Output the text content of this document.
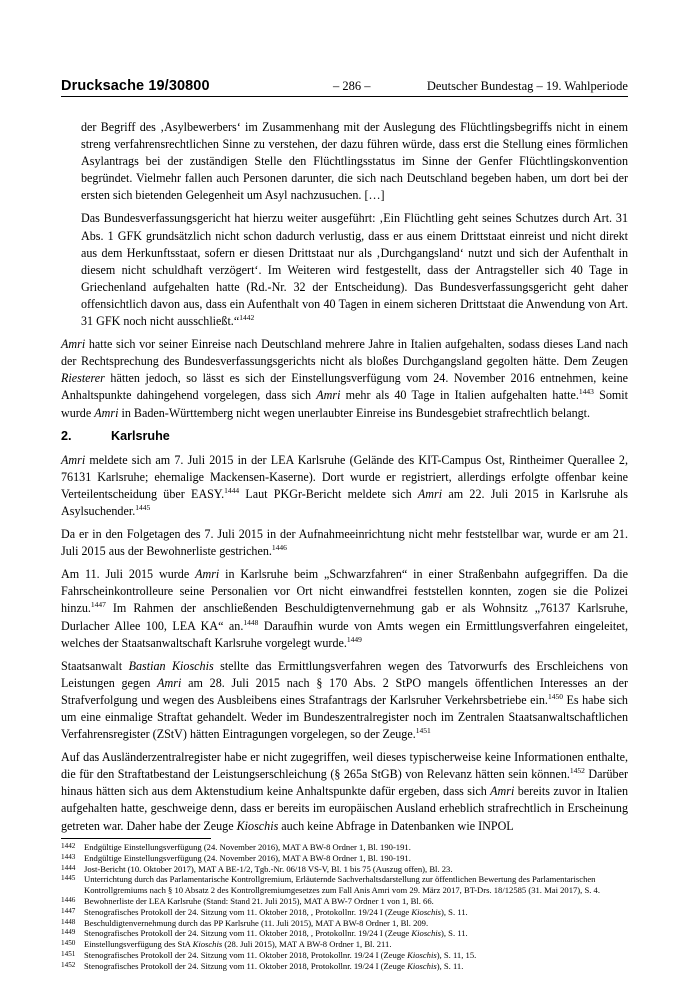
Drucksache 19/30800	– 286 –	Deutscher Bundestag – 19. Wahlperiode

der Begriff des ‚Asylbewerbers‘ im Zusammenhang mit der Auslegung des Flüchtlingsbegriffs nicht in einem streng verfahrensrechtlichen Sinne zu verstehen, der dazu führen würde, dass erst die Stellung eines förmlichen Asylantrags bei der zuständigen Stelle den Flüchtlingsstatus im Sinne der Genfer Flüchtlingskonvention begründet. Vielmehr fallen auch Personen darunter, die sich nach Deutschland begeben haben, um dort bei der ersten sich bietenden Gelegenheit um Asyl nachzusuchen. […]

Das Bundesverfassungsgericht hat hierzu weiter ausgeführt: ‚Ein Flüchtling geht seines Schutzes durch Art. 31 Abs. 1 GFK grundsätzlich nicht schon dadurch verlustig, dass er aus einem Drittstaat einreist und nicht direkt aus dem Herkunftsstaat, sofern er diesen Drittstaat nur als ‚Durchgangsland‘ nutzt und sich der Aufenthalt in diesem nicht schuldhaft verzögert‘. Im Weiteren wird festgestellt, dass der Antragsteller sich 40 Tage in Griechenland aufgehalten hatte (Rd.-Nr. 32 der Entscheidung). Das Bundesverfassungsgericht geht daher offensichtlich davon aus, dass ein Aufenthalt von 40 Tagen in einem sicheren Drittstaat die Anwendung von Art. 31 GFK noch nicht ausschließt.“$^{1442}$

Amri hatte sich vor seiner Einreise nach Deutschland mehrere Jahre in Italien aufgehalten, sodass dieses Land nach der Rechtsprechung des Bundesverfassungsgerichts nicht als bloßes Durchgangsland gegolten hätte. Dem Zeugen Riesterer hätten jedoch, so lässt es sich der Einstellungsverfügung vom 24. November 2016 entnehmen, keine Anhaltspunkte dahingehend vorgelegen, dass sich Amri mehr als 40 Tage in Italien aufgehalten hatte.$^{1443}$ Somit wurde Amri in Baden-Württemberg nicht wegen unerlaubter Einreise ins Bundesgebiet strafrechtlich belangt.

2.	Karlsruhe

Amri meldete sich am 7. Juli 2015 in der LEA Karlsruhe (Gelände des KIT-Campus Ost, Rintheimer Querallee 2, 76131 Karlsruhe; ehemalige Mackensen-Kaserne). Dort wurde er registriert, allerdings erfolgte offenbar keine Verteilentscheidung über EASY.$^{1444}$ Laut PKGr-Bericht meldete sich Amri am 22. Juli 2015 in Karlsruhe als Asylsuchender.$^{1445}$

Da er in den Folgetagen des 7. Juli 2015 in der Aufnahmeeinrichtung nicht mehr feststellbar war, wurde er am 21. Juli 2015 aus der Bewohnerliste gestrichen.$^{1446}$

Am 11. Juli 2015 wurde Amri in Karlsruhe beim „Schwarzfahren“ in einer Straßenbahn aufgegriffen. Da die Fahrscheinkontrolleure seine Personalien vor Ort nicht einwandfrei feststellen konnten, zogen sie die Polizei hinzu.$^{1447}$ Im Rahmen der anschließenden Beschuldigtenvernehmung gab er als Wohnsitz „76137 Karlsruhe, Durlacher Allee 100, LEA KA“ an.$^{1448}$ Daraufhin wurde von Amts wegen ein Ermittlungsverfahren eingeleitet, welches der Staatsanwaltschaft Karlsruhe vorgelegt wurde.$^{1449}$

Staatsanwalt Bastian Kioschis stellte das Ermittlungsverfahren wegen des Tatvorwurfs des Erschleichens von Leistungen gegen Amri am 28. Juli 2015 nach § 170 Abs. 2 StPO mangels öffentlichen Interesses an der Strafverfolgung und wegen des Ausbleibens eines Strafantrags der Karlsruher Verkehrsbetriebe ein.$^{1450}$ Es habe sich um eine einmalige Straftat gehandelt. Weder im Bundeszentralregister noch im Zentralen Staatsanwaltschaftlichen Verfahrensregister (ZStV) hätten Eintragungen vorgelegen, so der Zeuge.$^{1451}$

Auf das Ausländerzentralregister habe er nicht zugegriffen, weil dieses typischerweise keine Informationen enthalte, die für den Straftatbestand der Leistungserschleichung (§ 265a StGB) von Relevanz hätten sein können.$^{1452}$ Darüber hinaus hätten sich aus dem Aktenstudium keine Anhaltspunkte dafür ergeben, dass sich Amri bereits zuvor in Italien aufgehalten hatte, geschweige denn, dass er bereits im europäischen Ausland erheblich strafrechtlich in Erscheinung getreten war. Daher habe der Zeuge Kioschis auch keine Abfrage in Datenbanken wie INPOL

1442	Endgültige Einstellungsverfügung (24. November 2016), MAT A BW-8 Ordner 1, Bl. 190-191.
1443	Endgültige Einstellungsverfügung (24. November 2016), MAT A BW-8 Ordner 1, Bl. 190-191.
1444	Jost-Bericht (10. Oktober 2017), MAT A BE-1/2, Tgb.-Nr. 06/18 VS-V, Bl. 1 bis 75 (Auszug offen), Bl. 23.
1445	Unterrichtung durch das Parlamentarische Kontrollgremium, Erläuternde Sachverhaltsdarstellung zur öffentlichen Bewertung des Parlamentarischen Kontrollgremiums nach § 10 Absatz 2 des Kontrollgremiumgesetzes zum Fall Anis Amri vom 29. März 2017, BT-Drs. 18/12585 (31. Mai 2017), S. 4.
1446	Bewohnerliste der LEA Karlsruhe (Stand: Stand 21. Juli 2015), MAT A BW-7 Ordner 1 von 1, Bl. 66.
1447	Stenografisches Protokoll der 24. Sitzung vom 11. Oktober 2018, , Protokollnr. 19/24 I (Zeuge Kioschis), S. 11.
1448	Beschuldigtenvernehmung durch das PP Karlsruhe (11. Juli 2015), MAT A BW-8 Ordner 1, Bl. 209.
1449	Stenografisches Protokoll der 24. Sitzung vom 11. Oktober 2018, , Protokollnr. 19/24 I (Zeuge Kioschis), S. 11.
1450	Einstellungsverfügung des StA Kioschis (28. Juli 2015), MAT A BW-8 Ordner 1, Bl. 211.
1451	Stenografisches Protokoll der 24. Sitzung vom 11. Oktober 2018, Protokollnr. 19/24 I (Zeuge Kioschis), S. 11, 15.
1452	Stenografisches Protokoll der 24. Sitzung vom 11. Oktober 2018, Protokollnr. 19/24 I (Zeuge Kioschis), S. 11.
